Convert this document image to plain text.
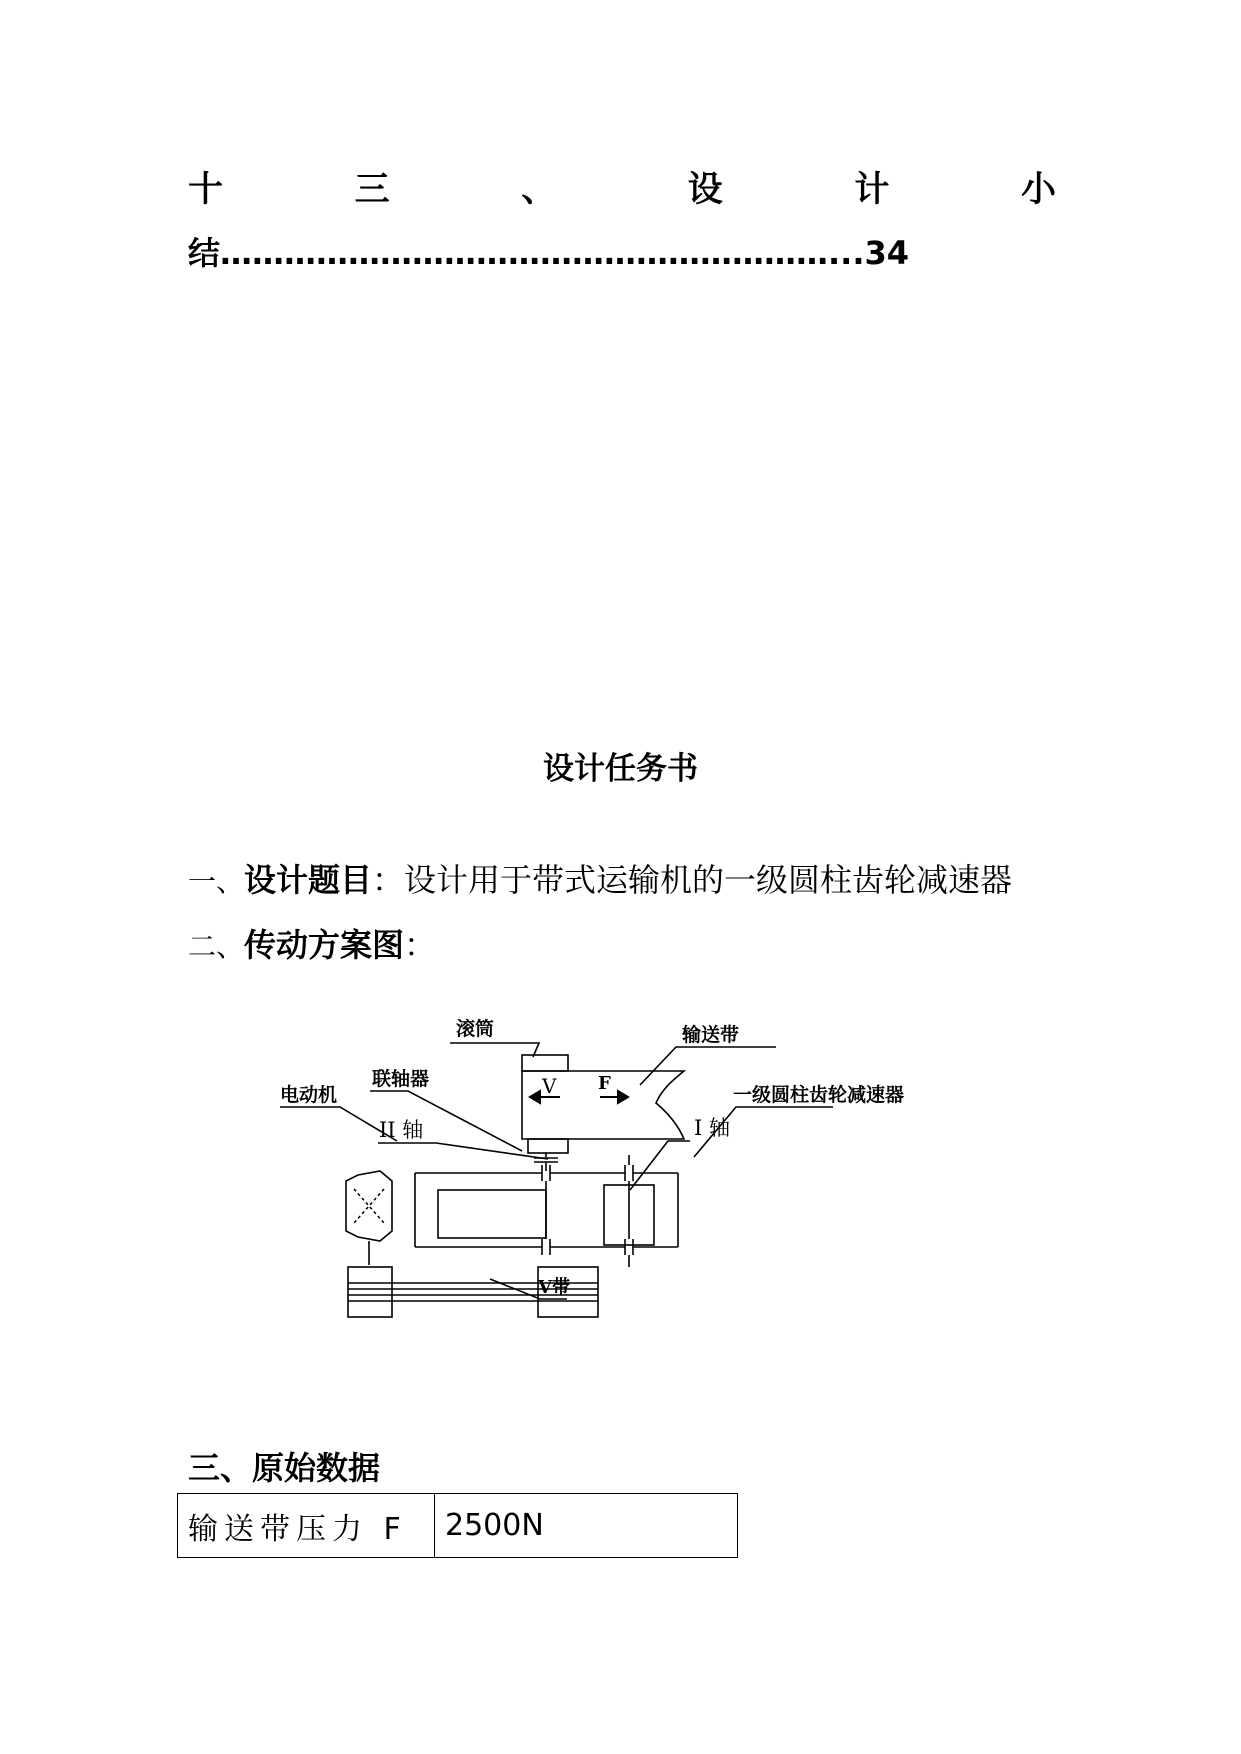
十	三	、	设	计	小
结…………………………………………………...34
设计任务书
一、设计题目：设计用于带式运输机的一级圆柱齿轮减速器
二、传动方案图：
滚筒	输送带
联轴器	V F
II 轴	I 轴
电动机	一级圆柱齿轮减速器
V带
三、原始数据
输送带压力 F	2500N
